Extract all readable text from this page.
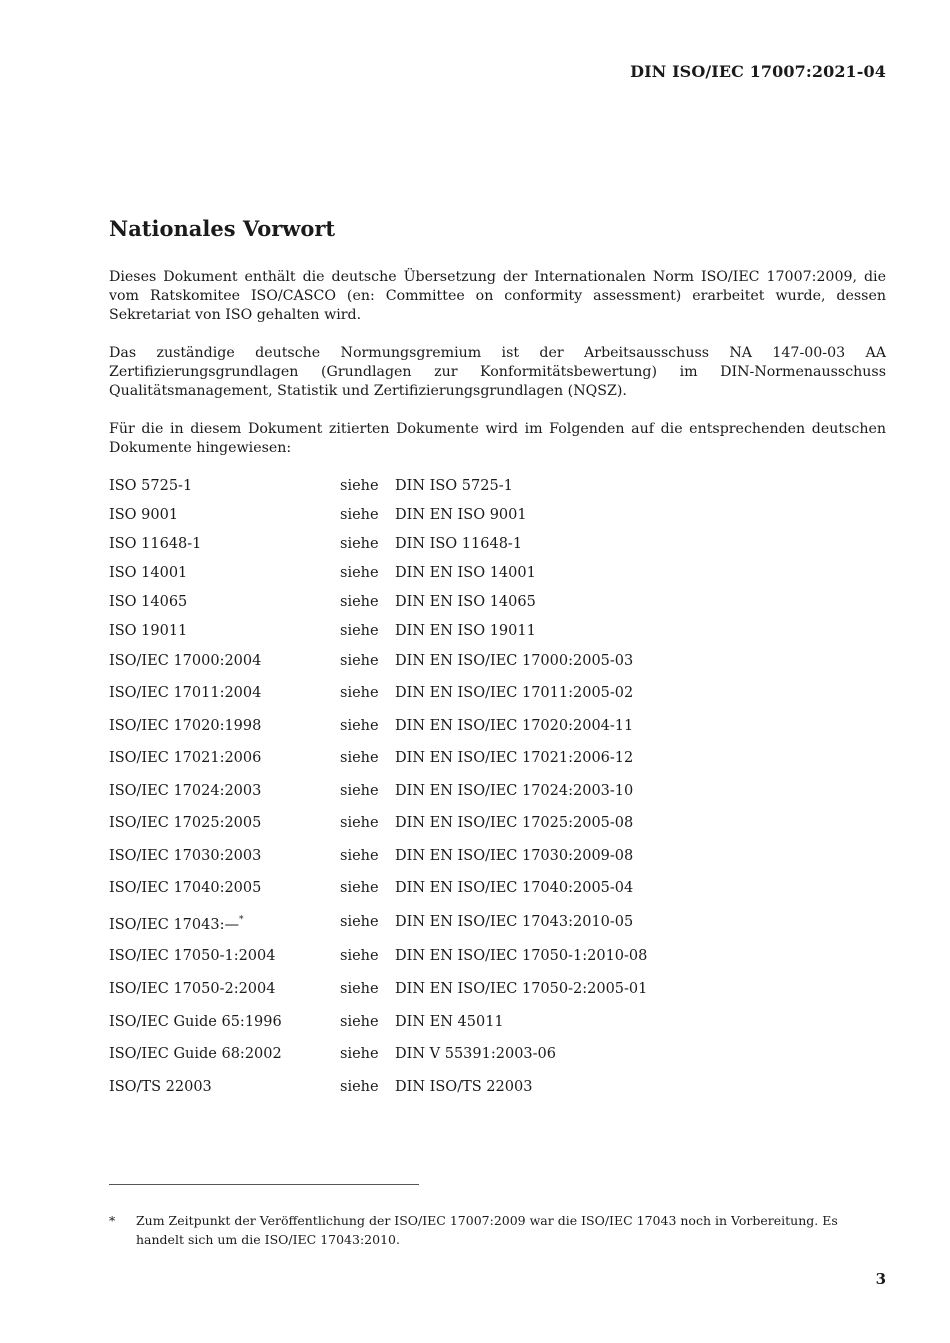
DIN ISO/IEC 17007:2021-04
Nationales Vorwort

Dieses Dokument enthält die deutsche Übersetzung der Internationalen Norm ISO/IEC 17007:2009, die vom Ratskomitee ISO/CASCO (en: Committee on conformity assessment) erarbeitet wurde, dessen Sekretariat von ISO gehalten wird.

Das zuständige deutsche Normungsgremium ist der Arbeitsausschuss NA 147-00-03 AA Zertifizierungsgrundlagen (Grundlagen zur Konformitätsbewertung) im DIN-Normenausschuss Qualitätsmanagement, Statistik und Zertifizierungsgrundlagen (NQSZ).

Für die in diesem Dokument zitierten Dokumente wird im Folgenden auf die entsprechenden deutschen Dokumente hingewiesen:

ISO 5725-1	siehe DIN ISO 5725-1
ISO 9001	siehe DIN EN ISO 9001
ISO 11648-1	siehe DIN ISO 11648-1
ISO 14001	siehe DIN EN ISO 14001
ISO 14065	siehe DIN EN ISO 14065
ISO 19011	siehe DIN EN ISO 19011
ISO/IEC 17000:2004	siehe DIN EN ISO/IEC 17000:2005-03
ISO/IEC 17011:2004	siehe DIN EN ISO/IEC 17011:2005-02
ISO/IEC 17020:1998	siehe DIN EN ISO/IEC 17020:2004-11
ISO/IEC 17021:2006	siehe DIN EN ISO/IEC 17021:2006-12
ISO/IEC 17024:2003	siehe DIN EN ISO/IEC 17024:2003-10
ISO/IEC 17025:2005	siehe DIN EN ISO/IEC 17025:2005-08
ISO/IEC 17030:2003	siehe DIN EN ISO/IEC 17030:2009-08
ISO/IEC 17040:2005	siehe DIN EN ISO/IEC 17040:2005-04
ISO/IEC 17043:—*	siehe DIN EN ISO/IEC 17043:2010-05
ISO/IEC 17050-1:2004	siehe DIN EN ISO/IEC 17050-1:2010-08
ISO/IEC 17050-2:2004	siehe DIN EN ISO/IEC 17050-2:2005-01
ISO/IEC Guide 65:1996	siehe DIN EN 45011
ISO/IEC Guide 68:2002	siehe DIN V 55391:2003-06
ISO/TS 22003	siehe DIN ISO/TS 22003
* Zum Zeitpunkt der Veröffentlichung der ISO/IEC 17007:2009 war die ISO/IEC 17043 noch in Vorbereitung. Es handelt sich um die ISO/IEC 17043:2010.
3
